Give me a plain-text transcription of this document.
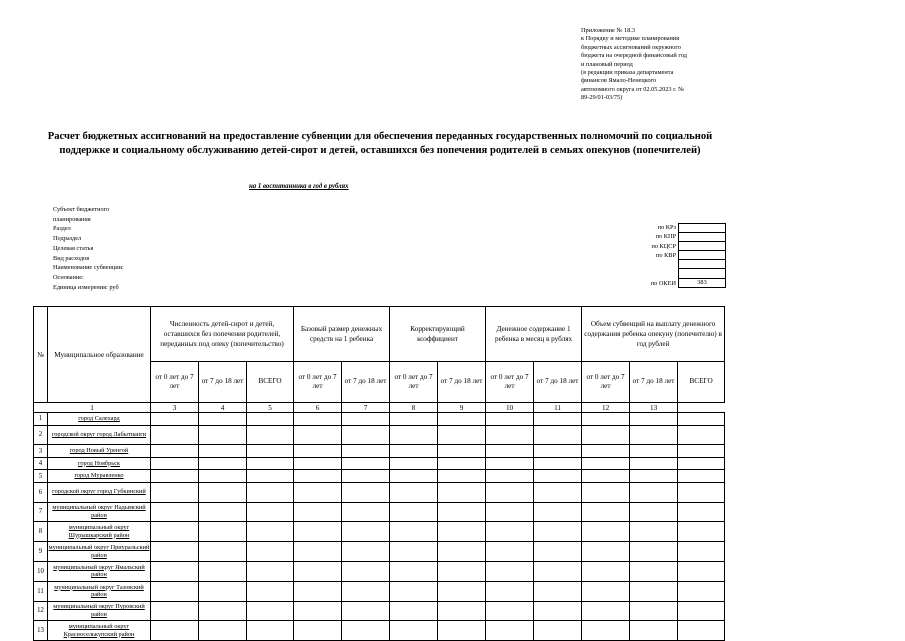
Приложение № 18.3
к Порядку и методике планирования
бюджетных ассигнований окружного
бюджета на очередной финансовый год
и плановый период
(в редакции приказа департамента
финансов Ямало-Ненецкого
автономного округа от 02.05.2023 г. №
89-29/01-03/75)
Расчет бюджетных ассигнований на предоставление субвенции для обеспечения переданных государственных полномочий по социальной поддержке и социальному обслуживанию детей-сирот и детей, оставшихся без попечения родителей в семьях опекунов (попечителей)
на 1 воспитанника в год в рублях
Субъект бюджетного
планирования
Раздел
Подраздел
Целевая статья
Вид расходов
Наименование субвенции:
Основание:
Единица измерения: руб
по КРз
по КПР
по КЦСР
по КВР
по ОКЕИ	383
№	Муниципальное образование	Численность детей-сирот и детей, оставшихся без попечения родителей, переданных под опеку (попечительство)			Базовый размер денежных средств на 1 ребенка		Корректирующий коэффициент		Денежное содержание 1 ребенка в месяц в рублях		Объем субвенций на выплату денежного содержания ребенка опекуну (попечителю) в год рублей		
		от 0 лет до 7 лет	от 7 до 18 лет	ВСЕГО	от 0 лет до 7 лет	от 7 до 18 лет	от 0 лет до 7 лет	от 7 до 18 лет	от 0 лет до 7 лет	от 7 до 18 лет	от 0 лет до 7 лет	от 7 до 18 лет	ВСЕГО
1		3	4	5	6	7	8	9	10	11	12	13	
1	город Салехард												
2	городской округ город Лабытнанги												
3	город Новый Уренгой												
4	город Ноябрьск												
5	город Муравленко												
6	городской округ город Губкинский												
7	муниципальный округ Надымский район												
8	муниципальный округ Шурышкарский район												
9	муниципальный округ Приуральский район												
10	муниципальный округ Ямальский район												
11	муниципальный округ Тазовский район												
12	муниципальный округ Пуровский район												
13	муниципальный округ Красноселькупский район												
